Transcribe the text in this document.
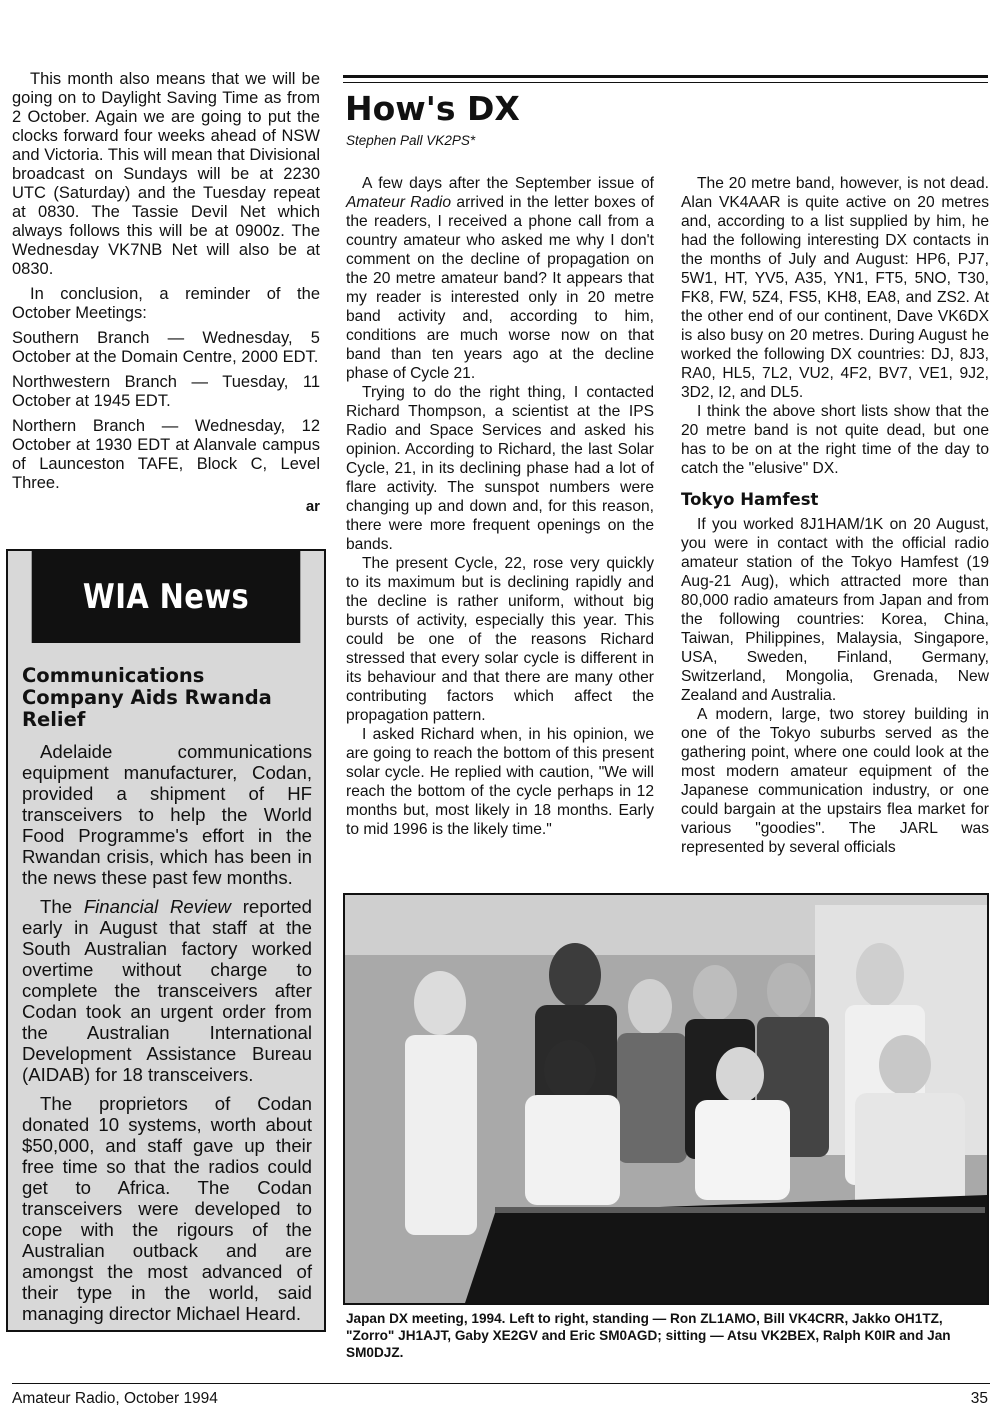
This month also means that we will be going on to Daylight Saving Time as from 2 October. Again we are going to put the clocks forward four weeks ahead of NSW and Victoria. This will mean that Divisional broadcast on Sundays will be at 2230 UTC (Saturday) and the Tuesday repeat at 0830. The Tassie Devil Net which always follows this will be at 0900z. The Wednesday VK7NB Net will also be at 0830.

In conclusion, a reminder of the October Meetings:

Southern Branch — Wednesday, 5 October at the Domain Centre, 2000 EDT.

Northwestern Branch — Tuesday, 11 October at 1945 EDT.

Northern Branch — Wednesday, 12 October at 1930 EDT at Alanvale campus of Launceston TAFE, Block C, Level Three.

ar
WIA News
Communications Company Aids Rwanda Relief

Adelaide communications equipment manufacturer, Codan, provided a shipment of HF transceivers to help the World Food Programme's effort in the Rwandan crisis, which has been in the news these past few months.

The Financial Review reported early in August that staff at the South Australian factory worked overtime without charge to complete the transceivers after Codan took an urgent order from the Australian International Development Assistance Bureau (AIDAB) for 18 transceivers.

The proprietors of Codan donated 10 systems, worth about $50,000, and staff gave up their free time so that the radios could get to Africa. The Codan transceivers were developed to cope with the rigours of the Australian outback and are amongst the most advanced of their type in the world, said managing director Michael Heard.

How's DX
Stephen Pall VK2PS*

A few days after the September issue of Amateur Radio arrived in the letter boxes of the readers, I received a phone call from a country amateur who asked me why I don't comment on the decline of propagation on the 20 metre amateur band? It appears that my reader is interested only in 20 metre band activity and, according to him, conditions are much worse now on that band than ten years ago at the decline phase of Cycle 21.

Trying to do the right thing, I contacted Richard Thompson, a scientist at the IPS Radio and Space Services and asked his opinion. According to Richard, the last Solar Cycle, 21, in its declining phase had a lot of flare activity. The sunspot numbers were changing up and down and, for this reason, there were more frequent openings on the bands.

The present Cycle, 22, rose very quickly to its maximum but is declining rapidly and the decline is rather uniform, without big bursts of activity, especially this year. This could be one of the reasons Richard stressed that every solar cycle is different in its behaviour and that there are many other contributing factors which affect the propagation pattern.

I asked Richard when, in his opinion, we are going to reach the bottom of this present solar cycle. He replied with caution, "We will reach the bottom of the cycle perhaps in 12 months but, most likely in 18 months. Early to mid 1996 is the likely time."

The 20 metre band, however, is not dead. Alan VK4AAR is quite active on 20 metres and, according to a list supplied by him, he had the following interesting DX contacts in the months of July and August: HP6, PJ7, 5W1, HT, YV5, A35, YN1, FT5, 5NO, T30, FK8, FW, 5Z4, FS5, KH8, EA8, and ZS2. At the other end of our continent, Dave VK6DX is also busy on 20 metres. During August he worked the following DX countries: DJ, 8J3, RA0, HL5, 7L2, VU2, 4F2, BV7, VE1, 9J2, 3D2, I2, and DL5.

I think the above short lists show that the 20 metre band is not quite dead, but one has to be on at the right time of the day to catch the "elusive" DX.

Tokyo Hamfest

If you worked 8J1HAM/1K on 20 August, you were in contact with the official radio amateur station of the Tokyo Hamfest (19 Aug-21 Aug), which attracted more than 80,000 radio amateurs from Japan and from the following countries: Korea, China, Taiwan, Philippines, Malaysia, Singapore, USA, Sweden, Finland, Germany, Switzerland, Mongolia, Grenada, New Zealand and Australia.

A modern, large, two storey building in one of the Tokyo suburbs served as the gathering point, where one could look at the most modern amateur equipment of the Japanese communication industry, or one could bargain at the upstairs flea market for various "goodies". The JARL was represented by several officials

Japan DX meeting, 1994. Left to right, standing — Ron ZL1AMO, Bill VK4CRR, Jakko OH1TZ, "Zorro" JH1AJT, Gaby XE2GV and Eric SM0AGD; sitting — Atsu VK2BEX, Ralph K0IR and Jan SM0DJZ.
Amateur Radio, October 1994	35
